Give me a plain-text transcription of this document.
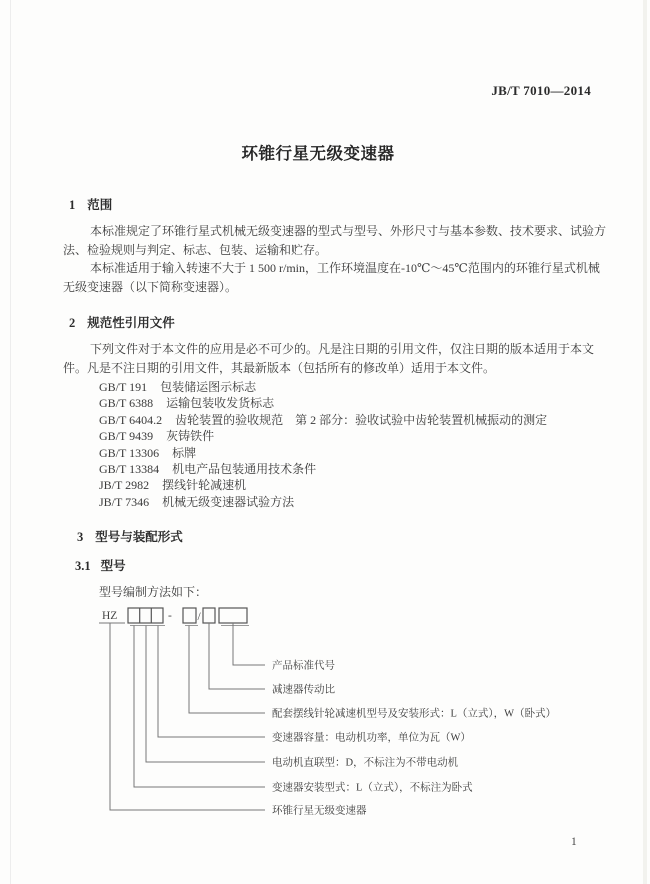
JB/T 7010—2014
环锥行星无级变速器
1 范围
本标准规定了环锥行星式机械无级变速器的型式与型号、外形尺寸与基本参数、技术要求、试验方
法、检验规则与判定、标志、包装、运输和贮存。
本标准适用于输入转速不大于 1 500 r/min，工作环境温度在-10℃～45℃范围内的环锥行星式机械
无级变速器（以下简称变速器）。
2 规范性引用文件
下列文件对于本文件的应用是必不可少的。凡是注日期的引用文件，仅注日期的版本适用于本文
件。凡是不注日期的引用文件，其最新版本（包括所有的修改单）适用于本文件。
GB/T 191 包装储运图示标志
GB/T 6388 运输包装收发货标志
GB/T 6404.2 齿轮装置的验收规范　第 2 部分：验收试验中齿轮装置机械振动的测定
GB/T 9439 灰铸铁件
GB/T 13306 标牌
GB/T 13384 机电产品包装通用技术条件
JB/T 2982 摆线针轮减速机
JB/T 7346 机械无级变速器试验方法
3 型号与装配形式
3.1 型号
型号编制方法如下：
HZ	- /
产品标准代号
减速器传动比
配套摆线针轮减速机型号及安装形式：L（立式），W（卧式）
变速器容量：电动机功率，单位为瓦（W）
电动机直联型：D，不标注为不带电动机
变速器安装型式：L（立式），不标注为卧式
环锥行星无级变速器
1
